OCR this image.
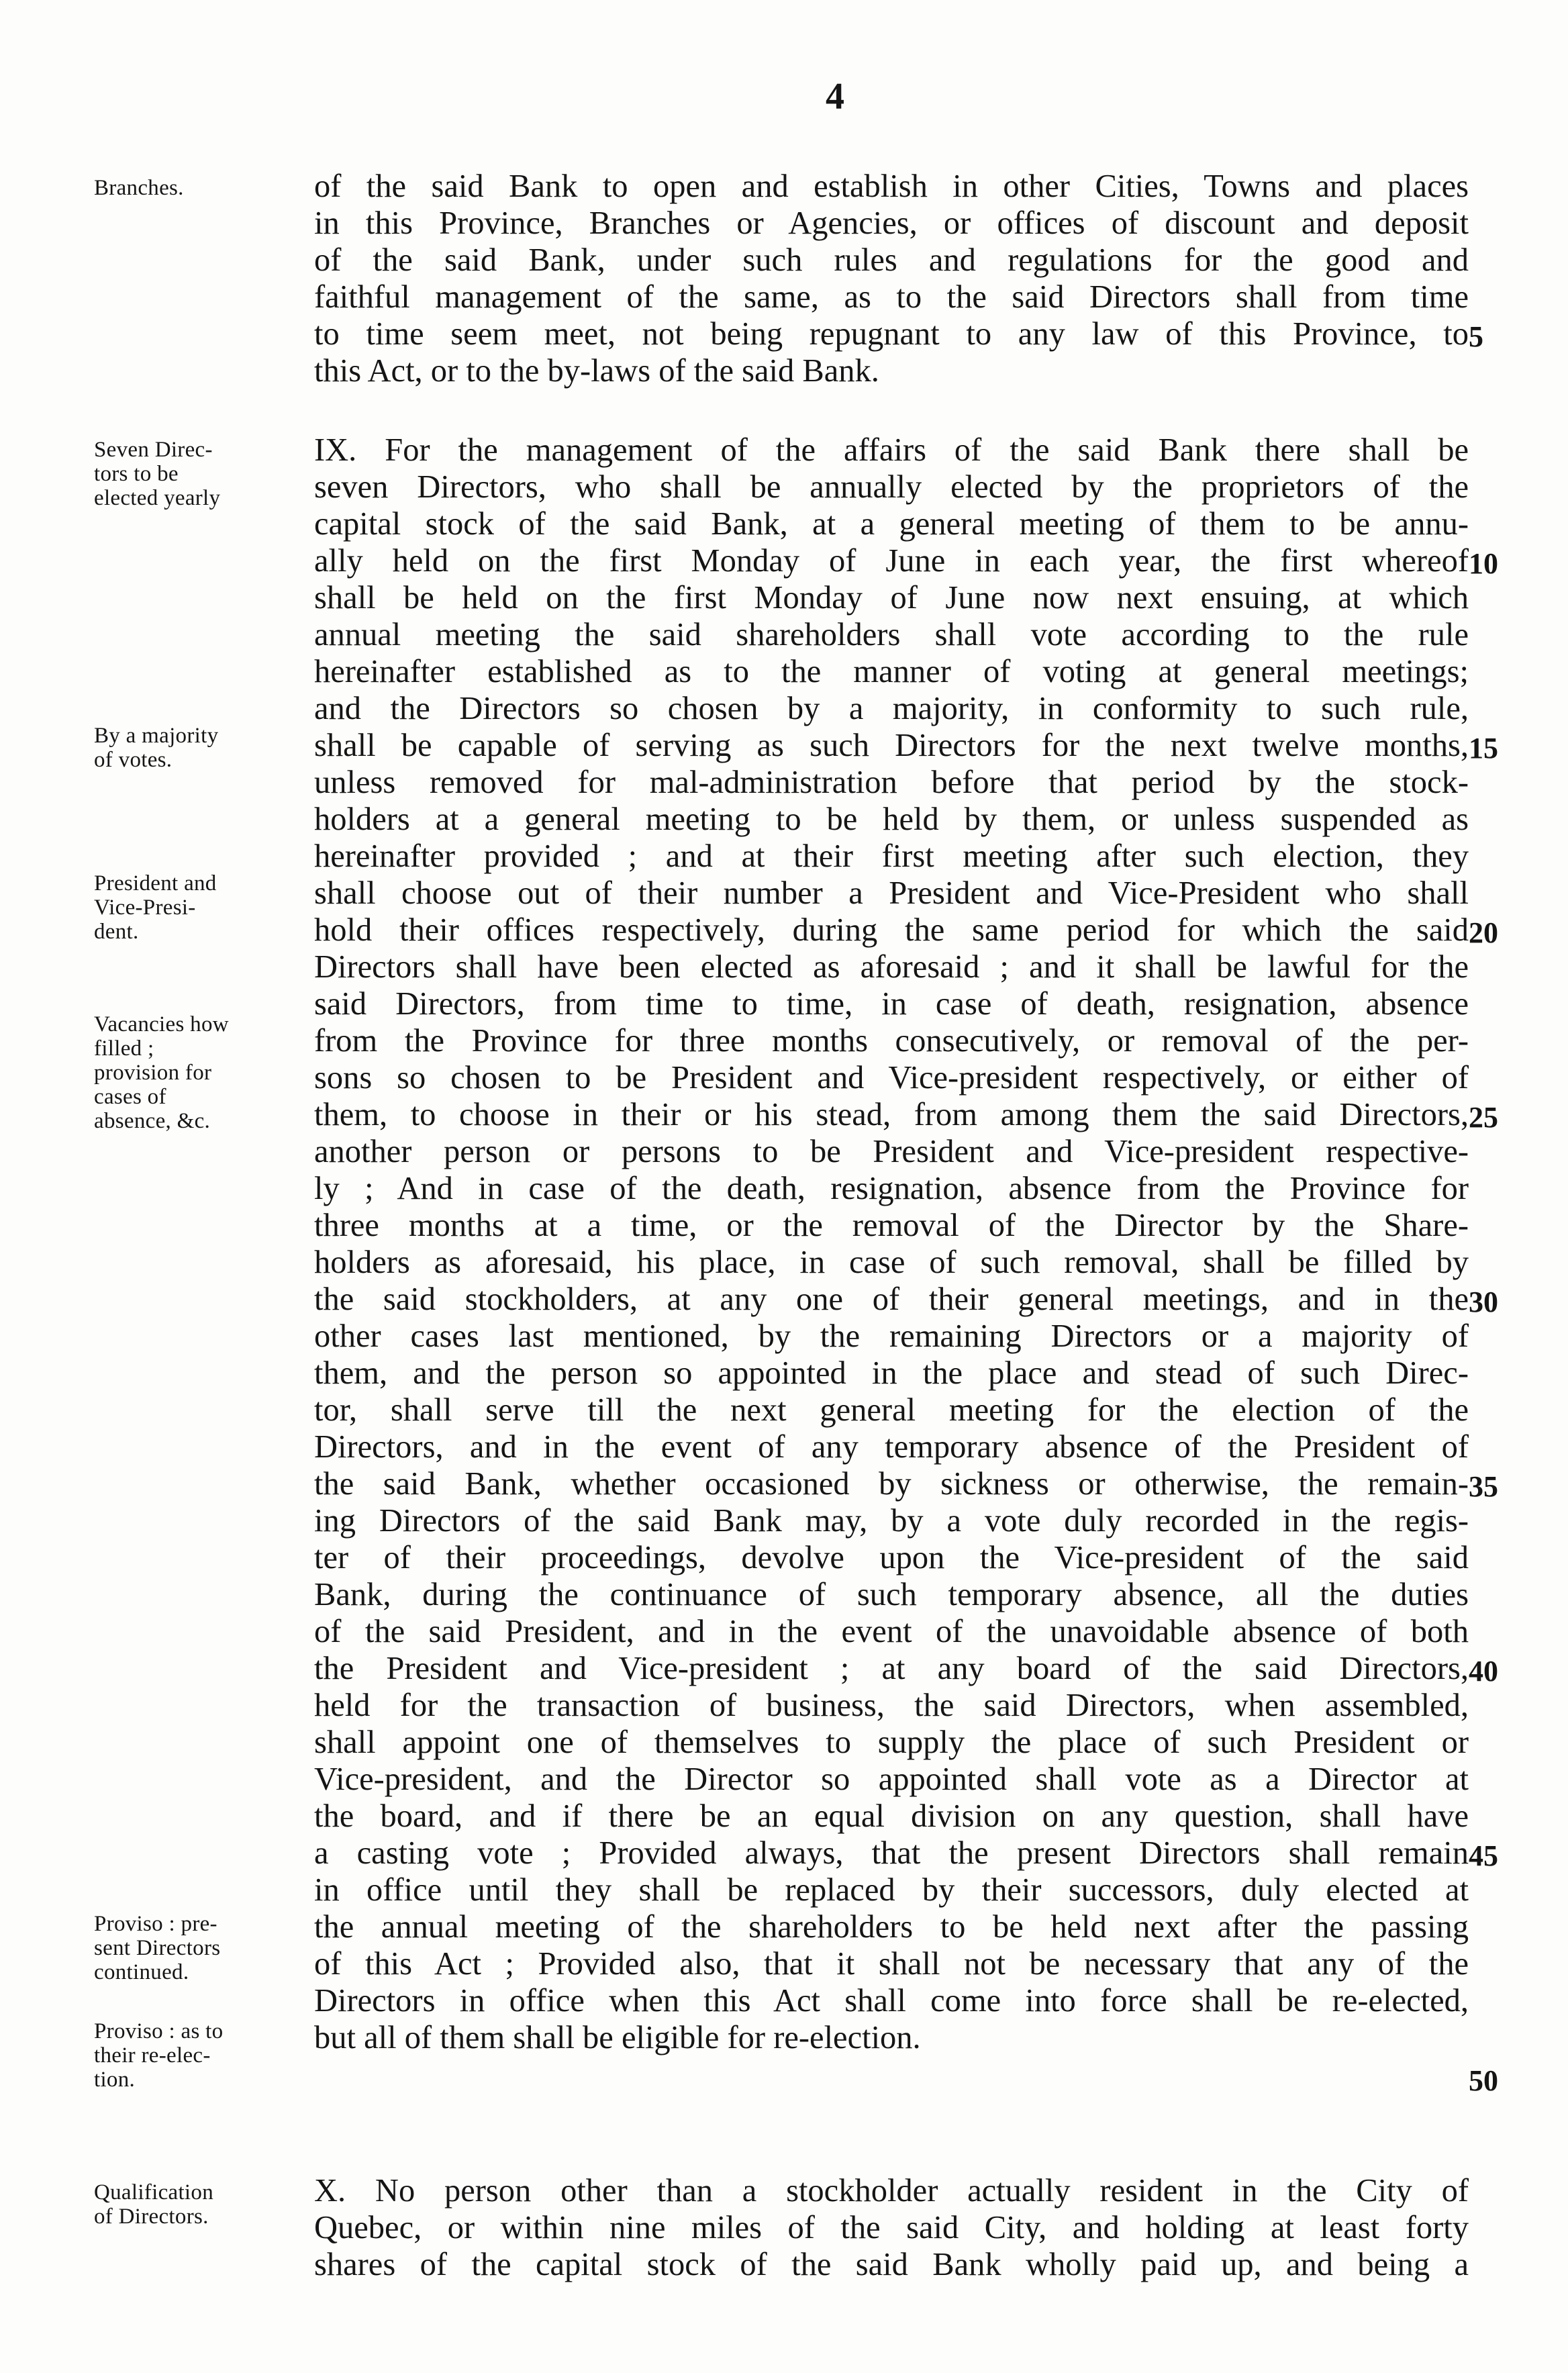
4
Branches.
Seven Direc-
tors to be
elected yearly
By a majority
of votes.
President and
Vice-Presi-
dent.
Vacancies how
filled ;
provision for
cases of
absence, &c.
Proviso : pre-
sent Directors
continued.
Proviso : as to
their re-elec-
tion.
Qualification
of Directors.
of the said Bank to open and establish in other Cities, Towns and places
in this Province, Branches or Agencies, or offices of discount and deposit
of the said Bank, under such rules and regulations for the good and
faithful management of the same, as to the said Directors shall from time
to time seem meet, not being repugnant to any law of this Province, to
this Act, or to the by-laws of the said Bank.
IX. For the management of the affairs of the said Bank there shall be
seven Directors, who shall be annually elected by the proprietors of the
capital stock of the said Bank, at a general meeting of them to be annu-
ally held on the first Monday of June in each year, the first whereof
shall be held on the first Monday of June now next ensuing, at which
annual meeting the said shareholders shall vote according to the rule
hereinafter established as to the manner of voting at general meetings;
and the Directors so chosen by a majority, in conformity to such rule,
shall be capable of serving as such Directors for the next twelve months,
unless removed for mal-administration before that period by the stock-
holders at a general meeting to be held by them, or unless suspended as
hereinafter provided ; and at their first meeting after such election, they
shall choose out of their number a President and Vice-President who shall
hold their offices respectively, during the same period for which the said
Directors shall have been elected as aforesaid ; and it shall be lawful for the
said Directors, from time to time, in case of death, resignation, absence
from the Province for three months consecutively, or removal of the per-
sons so chosen to be President and Vice-president respectively, or either of
them, to choose in their or his stead, from among them the said Directors,
another person or persons to be President and Vice-president respective-
ly ; And in case of the death, resignation, absence from the Province for
three months at a time, or the removal of the Director by the Share-
holders as aforesaid, his place, in case of such removal, shall be filled by
the said stockholders, at any one of their general meetings, and in the
other cases last mentioned, by the remaining Directors or a majority of
them, and the person so appointed in the place and stead of such Direc-
tor, shall serve till the next general meeting for the election of the
Directors, and in the event of any temporary absence of the President of
the said Bank, whether occasioned by sickness or otherwise, the remain-
ing Directors of the said Bank may, by a vote duly recorded in the regis-
ter of their proceedings, devolve upon the Vice-president of the said
Bank, during the continuance of such temporary absence, all the duties
of the said President, and in the event of the unavoidable absence of both
the President and Vice-president ; at any board of the said Directors,
held for the transaction of business, the said Directors, when assembled,
shall appoint one of themselves to supply the place of such President or
Vice-president, and the Director so appointed shall vote as a Director at
the board, and if there be an equal division on any question, shall have
a casting vote ; Provided always, that the present Directors shall remain
in office until they shall be replaced by their successors, duly elected at
the annual meeting of the shareholders to be held next after the passing
of this Act ; Provided also, that it shall not be necessary that any of the
Directors in office when this Act shall come into force shall be re-elected,
but all of them shall be eligible for re-election.
X. No person other than a stockholder actually resident in the City of
Quebec, or within nine miles of the said City, and holding at least forty
shares of the capital stock of the said Bank wholly paid up, and being a
5
10
15
20
25
30
35
40
45
50
